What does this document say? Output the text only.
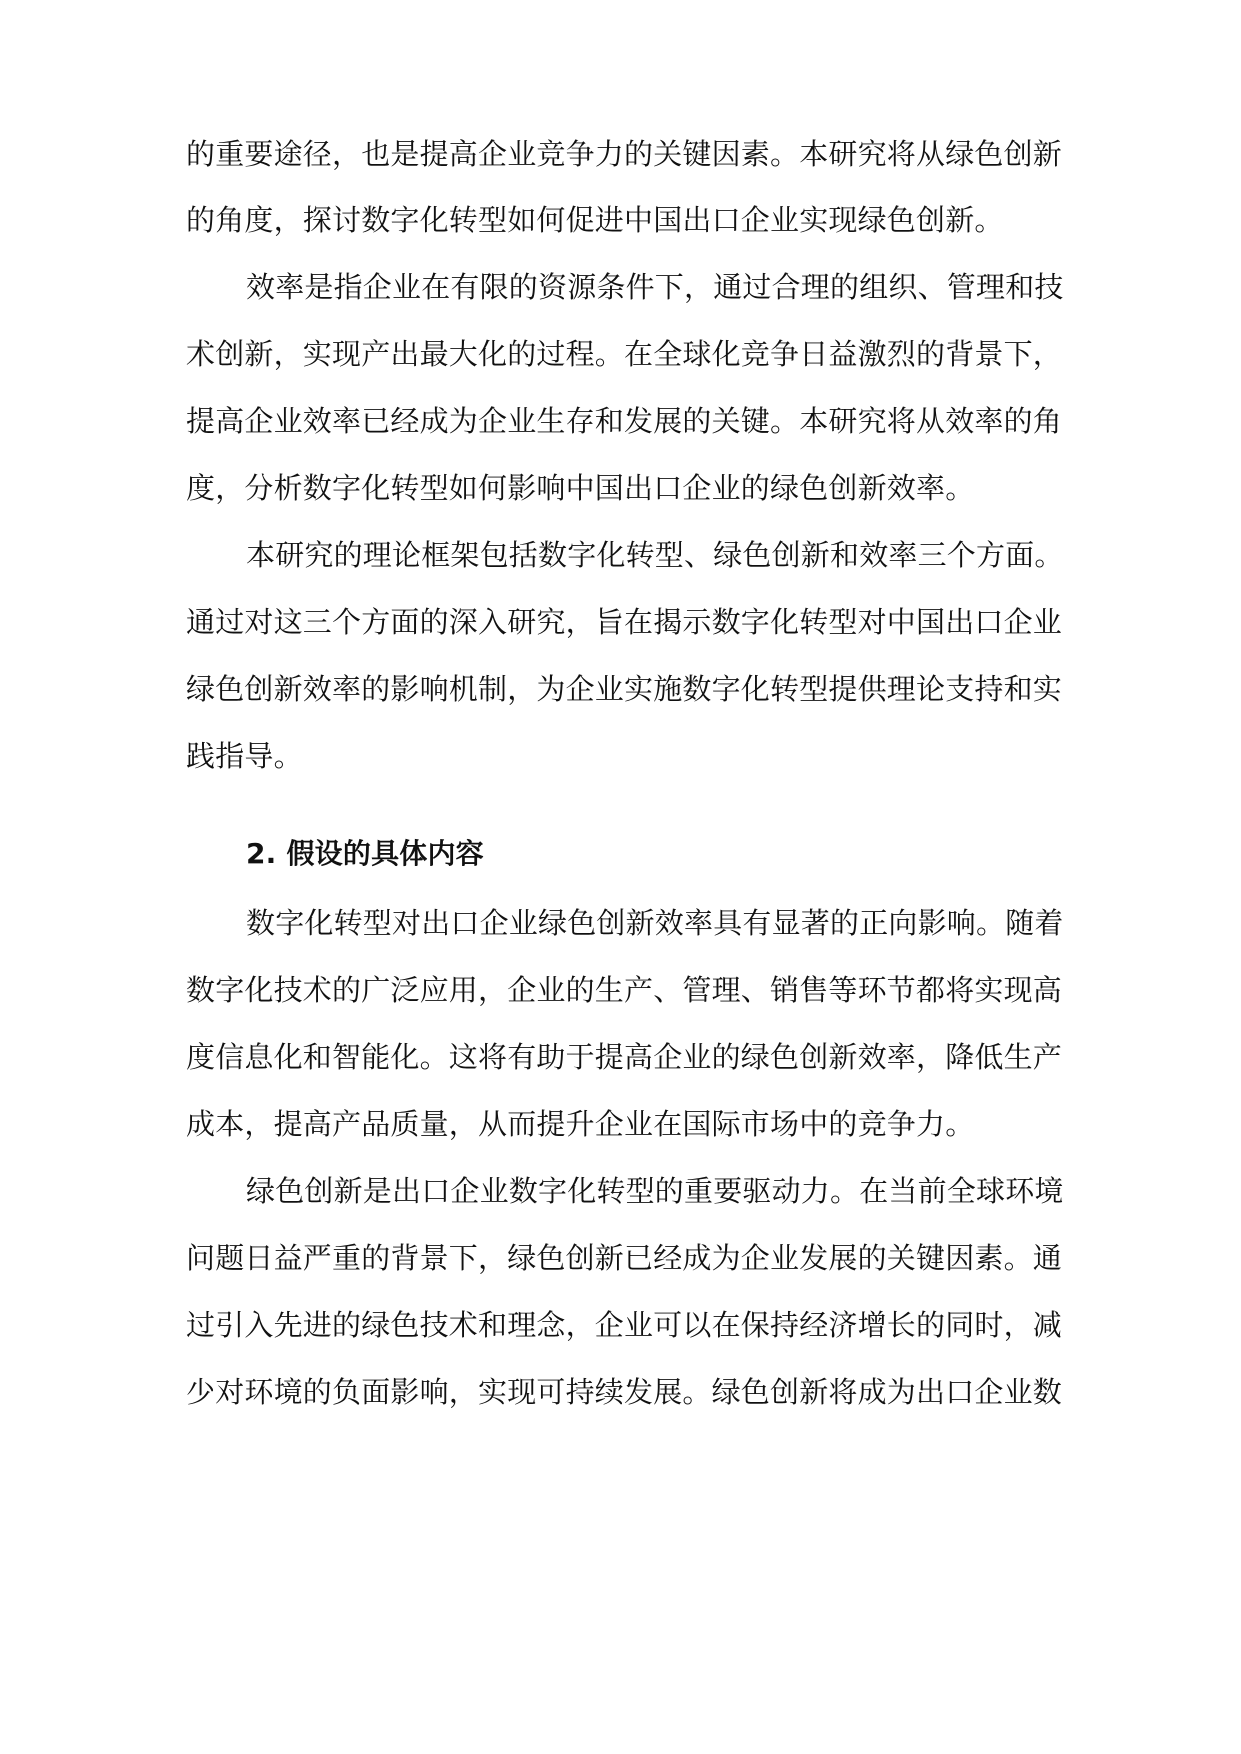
的重要途径，也是提高企业竞争力的关键因素。本研究将从绿色创新
的角度，探讨数字化转型如何促进中国出口企业实现绿色创新。
效率是指企业在有限的资源条件下，通过合理的组织、管理和技
术创新，实现产出最大化的过程。在全球化竞争日益激烈的背景下，
提高企业效率已经成为企业生存和发展的关键。本研究将从效率的角
度，分析数字化转型如何影响中国出口企业的绿色创新效率。
本研究的理论框架包括数字化转型、绿色创新和效率三个方面。
通过对这三个方面的深入研究，旨在揭示数字化转型对中国出口企业
绿色创新效率的影响机制，为企业实施数字化转型提供理论支持和实
践指导。
2. 假设的具体内容
数字化转型对出口企业绿色创新效率具有显著的正向影响。随着
数字化技术的广泛应用，企业的生产、管理、销售等环节都将实现高
度信息化和智能化。这将有助于提高企业的绿色创新效率，降低生产
成本，提高产品质量，从而提升企业在国际市场中的竞争力。
绿色创新是出口企业数字化转型的重要驱动力。在当前全球环境
问题日益严重的背景下，绿色创新已经成为企业发展的关键因素。通
过引入先进的绿色技术和理念，企业可以在保持经济增长的同时，减
少对环境的负面影响，实现可持续发展。绿色创新将成为出口企业数
